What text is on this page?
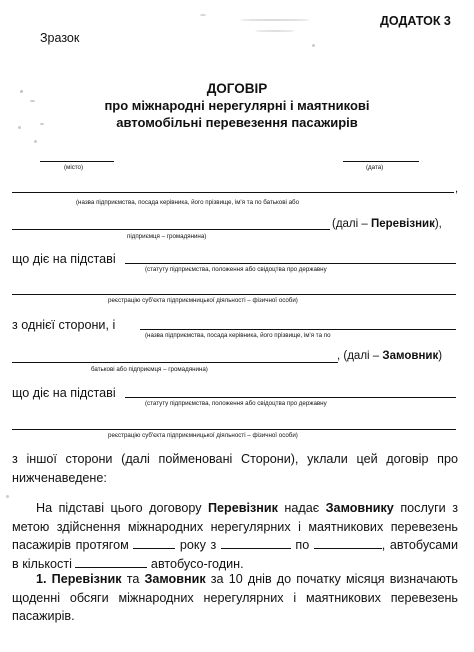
ДОДАТОК 3
Зразок
ДОГОВІР
про міжнародні нерегулярні і маятникові
автомобільні перевезення пасажирів
(місто)	(дата)
,
(назва підприємства, посада керівника, його прізвище, ім'я та по батькові або
(далі – Перевізник),
підприємця – громадянина)
що діє на підставі
(статуту підприємства, положення або свідоцтва про державну
реєстрацію суб'єкта підприємницької діяльності – фізичної особи)
з однієї сторони, і
(назва підприємства, посада керівника, його прізвище, ім'я та по
, (далі – Замовник)
батькові або підприємця – громадянина)
що діє на підставі
(статуту підприємства, положення або свідоцтва про державну
реєстрацію суб'єкта підприємницької діяльності – фізичної особи)
з іншої сторони (далі пойменовані Сторони), уклали цей договір про нижченаведене:
На підставі цього договору Перевізник надає Замовнику послуги з метою здійснення міжнародних нерегулярних і маятникових перевезень пасажирів протягом	року з	по	, автобусами в кількості	автобусо-годин.
1. Перевізник та Замовник за 10 днів до початку місяця визначають щоденні обсяги міжнародних нерегулярних і маятникових перевезень пасажирів.
